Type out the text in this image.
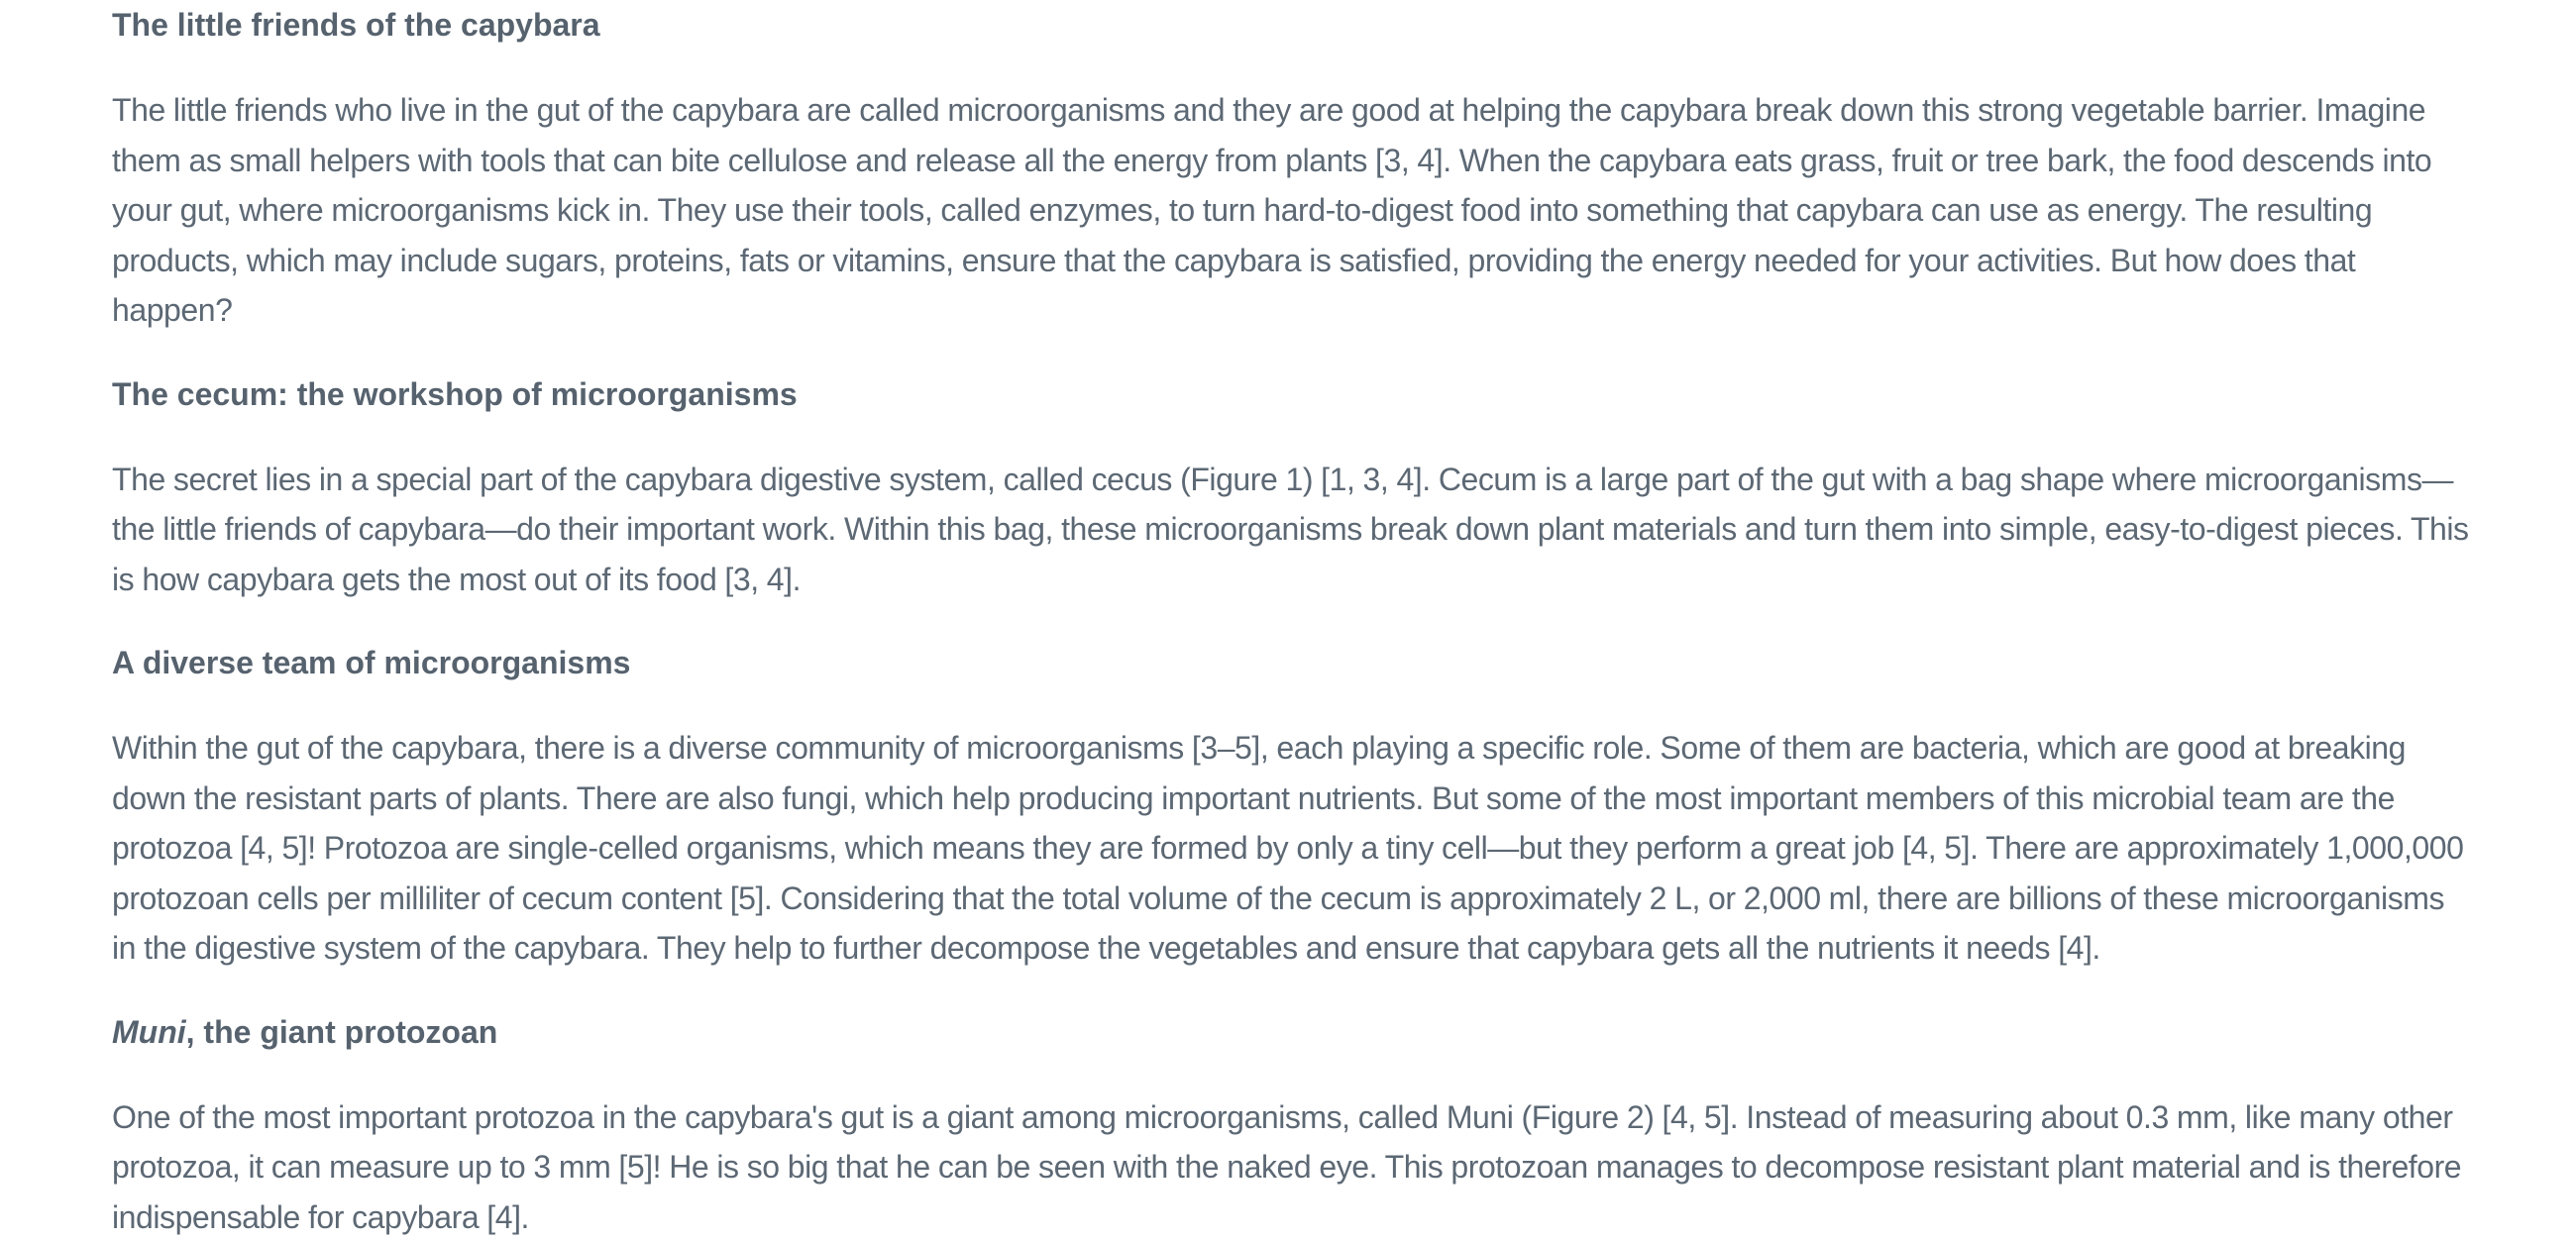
The little friends of the capybara

The little friends who live in the gut of the capybara are called microorganisms and they are good at helping the capybara break down this strong vegetable barrier. Imagine them as small helpers with tools that can bite cellulose and release all the energy from plants [3, 4]. When the capybara eats grass, fruit or tree bark, the food descends into your gut, where microorganisms kick in. They use their tools, called enzymes, to turn hard-to-digest food into something that capybara can use as energy. The resulting products, which may include sugars, proteins, fats or vitamins, ensure that the capybara is satisfied, providing the energy needed for your activities. But how does that happen?

The cecum: the workshop of microorganisms

The secret lies in a special part of the capybara digestive system, called cecus (Figure 1) [1, 3, 4]. Cecum is a large part of the gut with a bag shape where microorganisms—the little friends of capybara—do their important work. Within this bag, these microorganisms break down plant materials and turn them into simple, easy-to-digest pieces. This is how capybara gets the most out of its food [3, 4].

A diverse team of microorganisms

Within the gut of the capybara, there is a diverse community of microorganisms [3–5], each playing a specific role. Some of them are bacteria, which are good at breaking down the resistant parts of plants. There are also fungi, which help producing important nutrients. But some of the most important members of this microbial team are the protozoa [4, 5]! Protozoa are single-celled organisms, which means they are formed by only a tiny cell—but they perform a great job [4, 5]. There are approximately 1,000,000 protozoan cells per milliliter of cecum content [5]. Considering that the total volume of the cecum is approximately 2 L, or 2,000 ml, there are billions of these microorganisms in the digestive system of the capybara. They help to further decompose the vegetables and ensure that capybara gets all the nutrients it needs [4].

Muni, the giant protozoan

One of the most important protozoa in the capybara's gut is a giant among microorganisms, called Muni (Figure 2) [4, 5]. Instead of measuring about 0.3 mm, like many other protozoa, it can measure up to 3 mm [5]! He is so big that he can be seen with the naked eye. This protozoan manages to decompose resistant plant material and is therefore indispensable for capybara [4].
